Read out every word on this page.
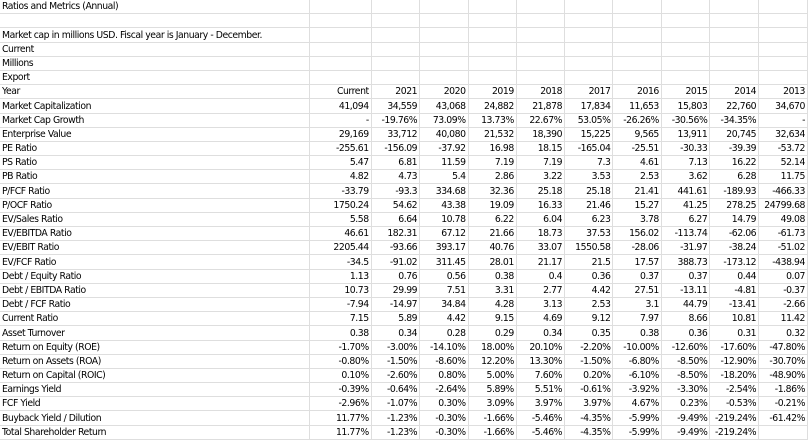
Ratios and Metrics (Annual)										

Market cap in millions USD. Fiscal year is January - December.										
Current										
Millions										
Export										
Year	Current	2021	2020	2019	2018	2017	2016	2015	2014	2013
Market Capitalization	41,094	34,559	43,068	24,882	21,878	17,834	11,653	15,803	22,760	34,670
Market Cap Growth	-	-19.76%	73.09%	13.73%	22.67%	53.05%	-26.26%	-30.56%	-34.35%	-
Enterprise Value	29,169	33,712	40,080	21,532	18,390	15,225	9,565	13,911	20,745	32,634
PE Ratio	-255.61	-156.09	-37.92	16.98	18.15	-165.04	-25.51	-30.33	-39.39	-53.72
PS Ratio	5.47	6.81	11.59	7.19	7.19	7.3	4.61	7.13	16.22	52.14
PB Ratio	4.82	4.73	5.4	2.86	3.22	3.53	2.53	3.62	6.28	11.75
P/FCF Ratio	-33.79	-93.3	334.68	32.36	25.18	25.18	21.41	441.61	-189.93	-466.33
P/OCF Ratio	1750.24	54.62	43.38	19.09	16.33	21.46	15.27	41.25	278.25	24799.68
EV/Sales Ratio	5.58	6.64	10.78	6.22	6.04	6.23	3.78	6.27	14.79	49.08
EV/EBITDA Ratio	46.61	182.31	67.12	21.66	18.73	37.53	156.02	-113.74	-62.06	-61.73
EV/EBIT Ratio	2205.44	-93.66	393.17	40.76	33.07	1550.58	-28.06	-31.97	-38.24	-51.02
EV/FCF Ratio	-34.5	-91.02	311.45	28.01	21.17	21.5	17.57	388.73	-173.12	-438.94
Debt / Equity Ratio	1.13	0.76	0.56	0.38	0.4	0.36	0.37	0.37	0.44	0.07
Debt / EBITDA Ratio	10.73	29.99	7.51	3.31	2.77	4.42	27.51	-13.11	-4.81	-0.37
Debt / FCF Ratio	-7.94	-14.97	34.84	4.28	3.13	2.53	3.1	44.79	-13.41	-2.66
Current Ratio	7.15	5.89	4.42	9.15	4.69	9.12	7.97	8.66	10.81	11.42
Asset Turnover	0.38	0.34	0.28	0.29	0.34	0.35	0.38	0.36	0.31	0.32
Return on Equity (ROE)	-1.70%	-3.00%	-14.10%	18.00%	20.10%	-2.20%	-10.00%	-12.60%	-17.60%	-47.80%
Return on Assets (ROA)	-0.80%	-1.50%	-8.60%	12.20%	13.30%	-1.50%	-6.80%	-8.50%	-12.90%	-30.70%
Return on Capital (ROIC)	0.10%	-2.60%	0.80%	5.00%	7.60%	0.20%	-6.10%	-8.50%	-18.20%	-48.90%
Earnings Yield	-0.39%	-0.64%	-2.64%	5.89%	5.51%	-0.61%	-3.92%	-3.30%	-2.54%	-1.86%
FCF Yield	-2.96%	-1.07%	0.30%	3.09%	3.97%	3.97%	4.67%	0.23%	-0.53%	-0.21%
Buyback Yield / Dilution	11.77%	-1.23%	-0.30%	-1.66%	-5.46%	-4.35%	-5.99%	-9.49%	-219.24%	-61.42%
Total Shareholder Return	11.77%	-1.23%	-0.30%	-1.66%	-5.46%	-4.35%	-5.99%	-9.49%	-219.24%	
